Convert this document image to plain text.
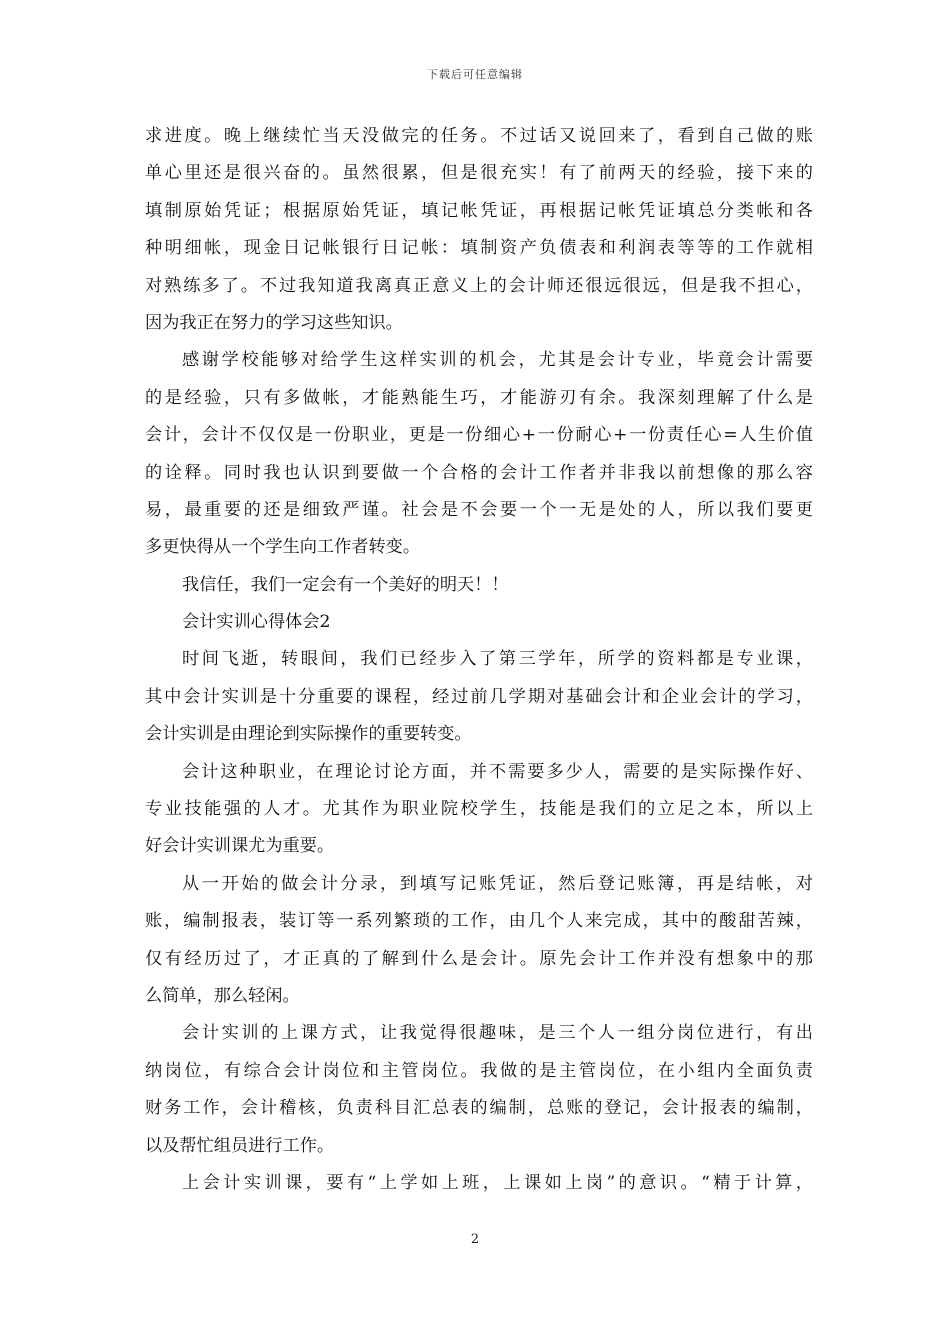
下载后可任意编辑
求进度。晚上继续忙当天没做完的任务。不过话又说回来了，看到自己做的账
单心里还是很兴奋的。虽然很累，但是很充实！有了前两天的经验，接下来的
填制原始凭证；根据原始凭证，填记帐凭证，再根据记帐凭证填总分类帐和各
种明细帐，现金日记帐银行日记帐：填制资产负债表和利润表等等的工作就相
对熟练多了。不过我知道我离真正意义上的会计师还很远很远，但是我不担心，
因为我正在努力的学习这些知识。
感谢学校能够对给学生这样实训的机会，尤其是会计专业，毕竟会计需要
的是经验，只有多做帐，才能熟能生巧，才能游刃有余。我深刻理解了什么是
会计，会计不仅仅是一份职业，更是一份细心+一份耐心+一份责任心=人生价值
的诠释。同时我也认识到要做一个合格的会计工作者并非我以前想像的那么容
易，最重要的还是细致严谨。社会是不会要一个一无是处的人，所以我们要更
多更快得从一个学生向工作者转变。
我信任，我们一定会有一个美好的明天！！
会计实训心得体会2
时间飞逝，转眼间，我们已经步入了第三学年，所学的资料都是专业课，
其中会计实训是十分重要的课程，经过前几学期对基础会计和企业会计的学习，
会计实训是由理论到实际操作的重要转变。
会计这种职业，在理论讨论方面，并不需要多少人，需要的是实际操作好、
专业技能强的人才。尤其作为职业院校学生，技能是我们的立足之本，所以上
好会计实训课尤为重要。
从一开始的做会计分录，到填写记账凭证，然后登记账簿，再是结帐，对
账，编制报表，装订等一系列繁琐的工作，由几个人来完成，其中的酸甜苦辣，
仅有经历过了，才正真的了解到什么是会计。原先会计工作并没有想象中的那
么简单，那么轻闲。
会计实训的上课方式，让我觉得很趣味，是三个人一组分岗位进行，有出
纳岗位，有综合会计岗位和主管岗位。我做的是主管岗位，在小组内全面负责
财务工作，会计稽核，负责科目汇总表的编制，总账的登记，会计报表的编制，
以及帮忙组员进行工作。
上会计实训课，要有“上学如上班，上课如上岗”的意识。“精于计算，
2
